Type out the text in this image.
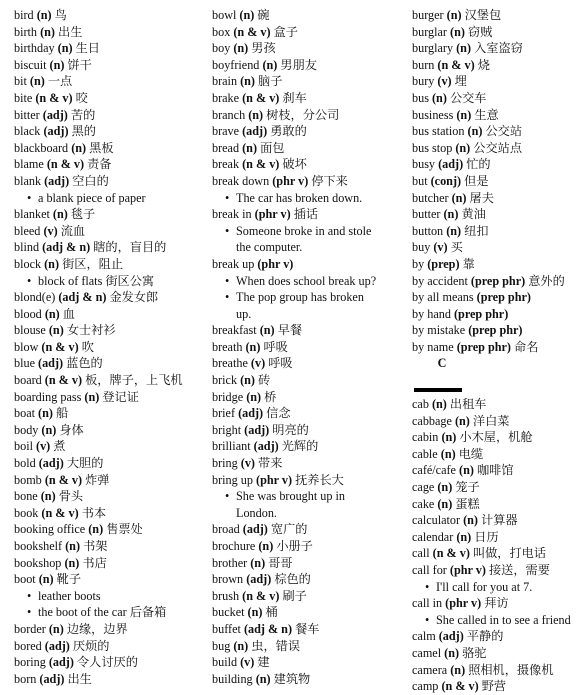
bird (n) 鸟
birth (n) 出生
birthday (n) 生日
biscuit (n) 饼干
bit (n) 一点
bite (n & v) 咬
bitter (adj) 苦的
black (adj) 黑的
blackboard (n) 黑板
blame (n & v) 责备
blank (adj) 空白的
• a blank piece of paper
blanket (n) 毯子
bleed (v) 流血
blind (adj & n) 瞎的，盲目的
block (n) 街区，阻止
• block of flats 街区公寓
blond(e) (adj & n) 金发女郎
blood (n) 血
blouse (n) 女士衬衫
blow (n & v) 吹
blue (adj) 蓝色的
board (n & v) 板，牌子，上飞机
boarding pass (n) 登记证
boat (n) 船
body (n) 身体
boil (v) 煮
bold (adj) 大胆的
bomb (n & v) 炸弹
bone (n) 骨头
book (n & v) 书本
booking office (n) 售票处
bookshelf (n) 书架
bookshop (n) 书店
boot (n) 靴子
• leather boots
• the boot of the car 后备箱
border (n) 边缘，边界
bored (adj) 厌烦的
boring (adj) 令人讨厌的
born (adj) 出生
bowl (n) 碗
box (n & v) 盒子
boy (n) 男孩
boyfriend (n) 男朋友
brain (n) 脑子
brake (n & v) 刹车
branch (n) 树枝，分公司
brave (adj) 勇敢的
bread (n) 面包
break (n & v) 破坏
break down (phr v) 停下来
• The car has broken down.
break in (phr v) 插话
• Someone broke in and stole
the computer.
break up (phr v)
• When does school break up?
• The pop group has broken
up.
breakfast (n) 早餐
breath (n) 呼吸
breathe (v) 呼吸
brick (n) 砖
bridge (n) 桥
brief (adj) 信念
bright (adj) 明亮的
brilliant (adj) 光辉的
bring (v) 带来
bring up (phr v) 抚养长大
• She was brought up in
London.
broad (adj) 宽广的
brochure (n) 小册子
brother (n) 哥哥
brown (adj) 棕色的
brush (n & v) 刷子
bucket (n) 桶
buffet (adj & n) 餐车
bug (n) 虫，错误
build (v) 建
building (n) 建筑物
burger (n) 汉堡包
burglar (n) 窃贼
burglary (n) 入室盗窃
burn (n & v) 烧
bury (v) 埋
bus (n) 公交车
business (n) 生意
bus station (n) 公交站
bus stop (n) 公交站点
busy (adj) 忙的
but (conj) 但是
butcher (n) 屠夫
butter (n) 黄油
button (n) 纽扣
buy (v) 买
by (prep) 靠
by accident (prep phr) 意外的
by all means (prep phr)
by hand (prep phr)
by mistake (prep phr)
by name (prep phr) 命名
C
cab (n) 出租车
cabbage (n) 洋白菜
cabin (n) 小木屋，机舱
cable (n) 电缆
café/cafe (n) 咖啡馆
cage (n) 笼子
cake (n) 蛋糕
calculator (n) 计算器
calendar (n) 日历
call (n & v) 叫做，打电话
call for (phr v) 接送，需要
• I'll call for you at 7.
call in (phr v) 拜访
• She called in to see a friend
calm (adj) 平静的
camel (n) 骆驼
camera (n) 照相机，摄像机
camp (n & v) 野营
